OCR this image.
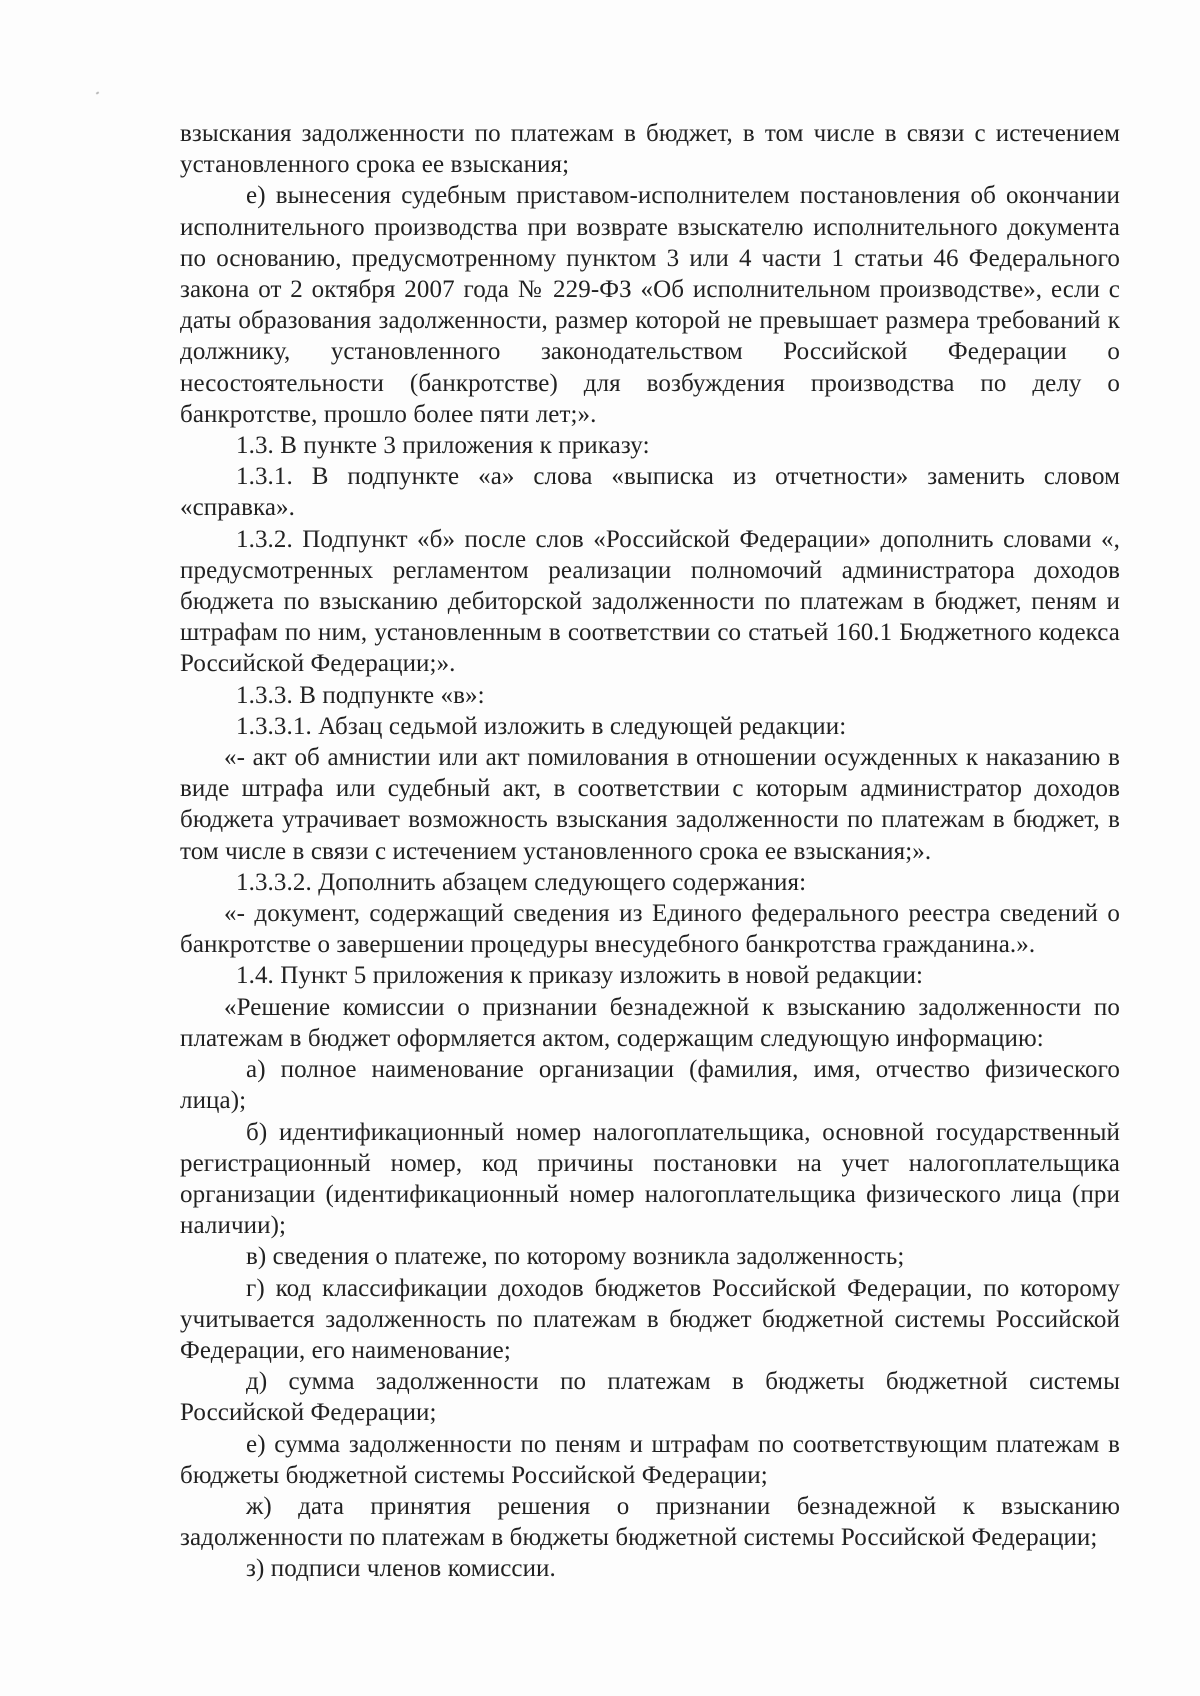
взыскания задолженности по платежам в бюджет, в том числе в связи с истечением установленного срока ее взыскания;

е) вынесения судебным приставом-исполнителем постановления об окончании исполнительного производства при возврате взыскателю исполнительного документа по основанию, предусмотренному пунктом 3 или 4 части 1 статьи 46 Федерального закона от 2 октября 2007 года № 229-ФЗ «Об исполнительном производстве», если с даты образования задолженности, размер которой не превышает размера требований к должнику, установленного законодательством Российской Федерации о несостоятельности (банкротстве) для возбуждения производства по делу о банкротстве, прошло более пяти лет;».

1.3. В пункте 3 приложения к приказу:

1.3.1. В подпункте «а» слова «выписка из отчетности» заменить словом «справка».

1.3.2. Подпункт «б» после слов «Российской Федерации» дополнить словами «, предусмотренных регламентом реализации полномочий администратора доходов бюджета по взысканию дебиторской задолженности по платежам в бюджет, пеням и штрафам по ним, установленным в соответствии со статьей 160.1 Бюджетного кодекса Российской Федерации;».

1.3.3. В подпункте «в»:

1.3.3.1. Абзац седьмой изложить в следующей редакции:

«- акт об амнистии или акт помилования в отношении осужденных к наказанию в виде штрафа или судебный акт, в соответствии с которым администратор доходов бюджета утрачивает возможность взыскания задолженности по платежам в бюджет, в том числе в связи с истечением установленного срока ее взыскания;».

1.3.3.2. Дополнить абзацем следующего содержания:

«- документ, содержащий сведения из Единого федерального реестра сведений о банкротстве о завершении процедуры внесудебного банкротства гражданина.».

1.4. Пункт 5 приложения к приказу изложить в новой редакции:

«Решение комиссии о признании безнадежной к взысканию задолженности по платежам в бюджет оформляется актом, содержащим следующую информацию:

а) полное наименование организации (фамилия, имя, отчество физического лица);

б) идентификационный номер налогоплательщика, основной государственный регистрационный номер, код причины постановки на учет налогоплательщика организации (идентификационный номер налогоплательщика физического лица (при наличии);

в) сведения о платеже, по которому возникла задолженность;

г) код классификации доходов бюджетов Российской Федерации, по которому учитывается задолженность по платежам в бюджет бюджетной системы Российской Федерации, его наименование;

д) сумма задолженности по платежам в бюджеты бюджетной системы Российской Федерации;

е) сумма задолженности по пеням и штрафам по соответствующим платежам в бюджеты бюджетной системы Российской Федерации;

ж) дата принятия решения о признании безнадежной к взысканию задолженности по платежам в бюджеты бюджетной системы Российской Федерации;

з) подписи членов комиссии.
